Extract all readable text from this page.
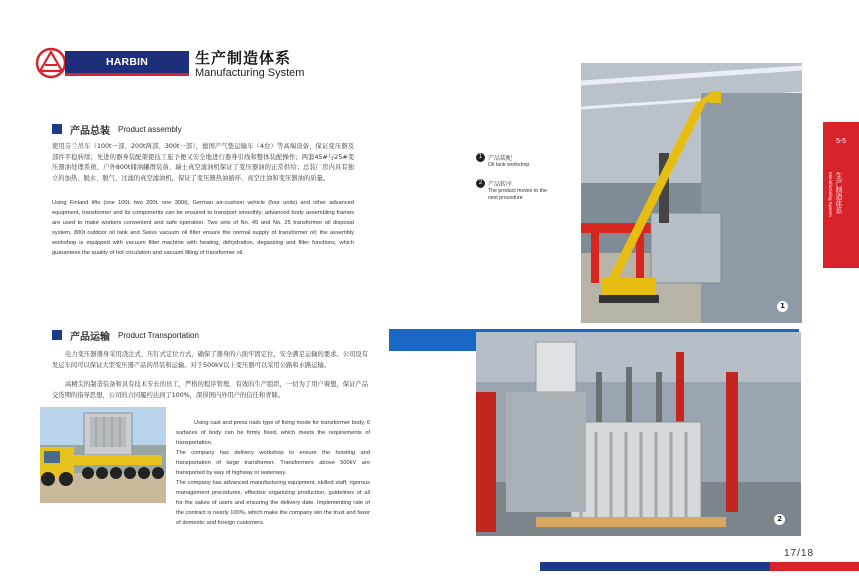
HARBIN TRANSFORMER
生产制造体系
Manufacturing System
产品总装 Product assembly
使用芬兰吊车（100t一部、200t两部、300t一部），德国产气垫运输车（4台）等高端设备，保证变压器及部件平稳转续；先进的器身装配架使技工旅予便又安全地进行器身引线和整体装配操作；两套45#与25#变压器油处理系统、户外800t储油罐群装备、瑞士真空滤油机保证了变压器油的正常供给；总装厂房内具有独立的加热、脱水、脱气、过滤的真空滤油机，保证了变压器热油循环、真空注油和变压器油的质量。
Using Finland lifts (one 100t, two 200t, one 300t), German air-cushion vehicle (four units) and other advanced equipment, transformer and its components can be ensured to transport smoothly; advanced body assembling frames are used to make workers convenient and safe operation. Two sets of No. 45 and No. 25 transformer oil disposal system, 800t outdoor oil tank and Swiss vacuum oil filter ensure the normal supply of transformer oil; the assembly workshop is equipped with vacuum filter machine with heating, dehydration, degassing and filter functions, which guarantees the quality of hot circulation and vacuum filling of transformer oil.
产品运输 Product Transportation
电力变压器器身采用浇注式、压钉式定位方式，确保了器身的六面牢固定位，安全满足运输的要求。公司设有发运车间可以保证大型变压器产品的吊装和运输。对于500kV以上变压器可以采用公路和水路运输。
高精尖的制造装备和具有技术专长的员工，严格的程序管理，有效的生产组织，一切为了用户着想，保证产品交货期的指导思想，公司的合同履约达到了100%，深得国内外用户的信任和青睐。
Using cast and press nails type of fixing mode for transformer body, 6 surfaces of body can be firmly fixed, which meets the requirements of transportation.
The company has delivery workshop to ensure the hoisting and transportation of large transformer. Transformers above 500kV are transported by way of highway or waterway.
The company has advanced manufacturing equipment, skilled staff, rigorous management procedures, effective organizing production, guidelines of all for the sakes of users and ensuring the delivery date. Implementing rate of the contract is nearly 100%, which make the company win the trust and favor of domestic and foreign customers.
1 产品装配
Oil tank workshop
2 产品转序
The product moves to the next procedure
1
2
5-5
生产制造体系
Manufacturing System
17/18
